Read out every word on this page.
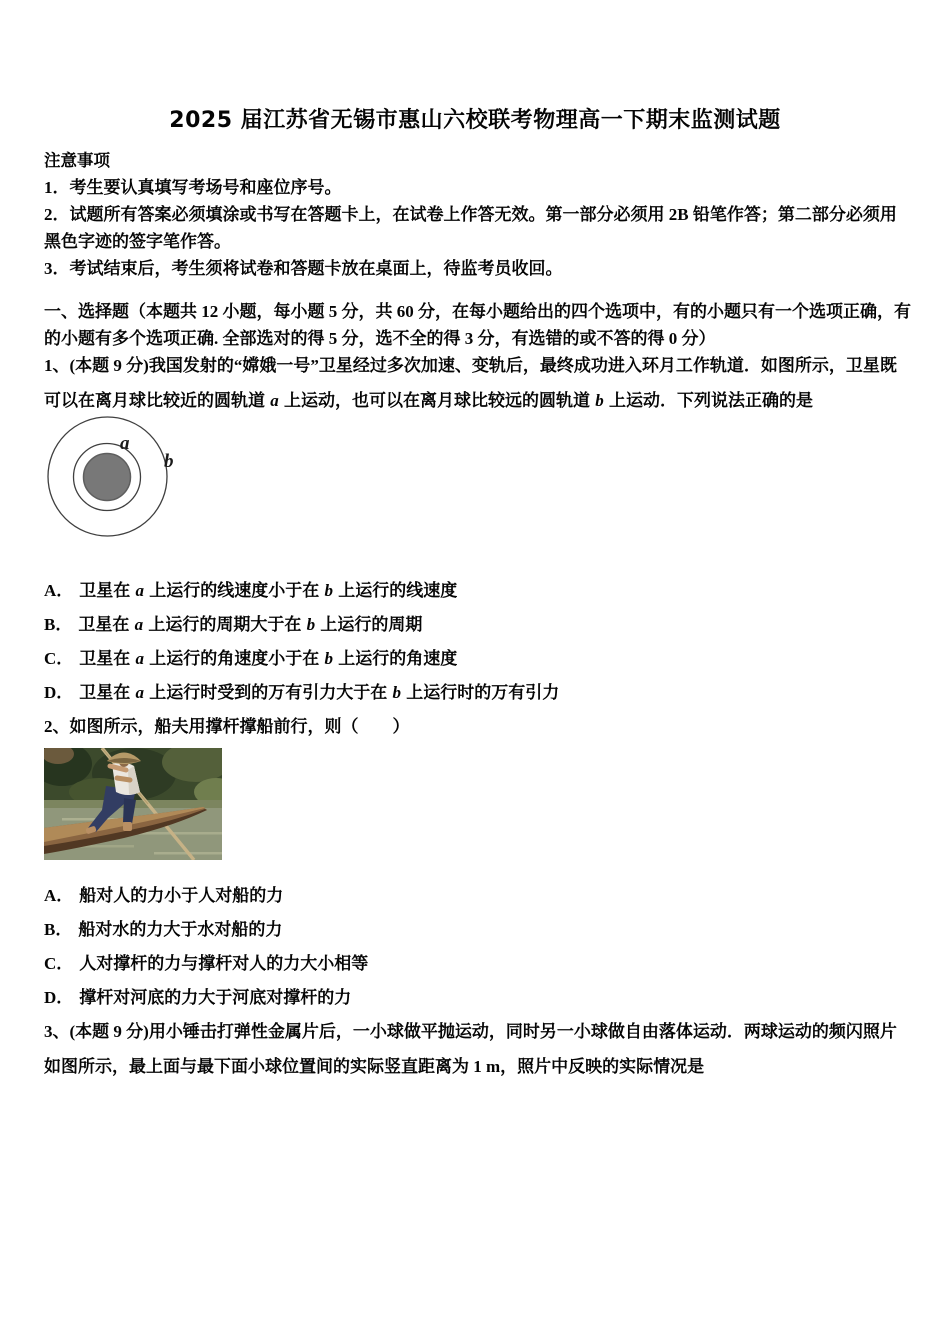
2025 届江苏省无锡市惠山六校联考物理高一下期末监测试题
注意事项

1．考生要认真填写考场号和座位序号。

2．试题所有答案必须填涂或书写在答题卡上，在试卷上作答无效。第一部分必须用 2B 铅笔作答；第二部分必须用黑色字迹的签字笔作答。

3．考试结束后，考生须将试卷和答题卡放在桌面上，待监考员收回。

一、选择题（本题共 12 小题，每小题 5 分，共 60 分，在每小题给出的四个选项中，有的小题只有一个选项正确，有的小题有多个选项正确. 全部选对的得 5 分，选不全的得 3 分，有选错的或不答的得 0 分）

1、(本题 9 分)我国发射的“嫦娥一号”卫星经过多次加速、变轨后，最终成功进入环月工作轨道．如图所示，卫星既可以在离月球比较近的圆轨道 a 上运动，也可以在离月球比较远的圆轨道 b 上运动．下列说法正确的是

a
b
A． 卫星在 a 上运行的线速度小于在 b 上运行的线速度
B． 卫星在 a 上运行的周期大于在 b 上运行的周期
C． 卫星在 a 上运行的角速度小于在 b 上运行的角速度
D． 卫星在 a 上运行时受到的万有引力大于在 b 上运行时的万有引力

2、如图所示，船夫用撑杆撑船前行，则（　　）

A． 船对人的力小于人对船的力
B． 船对水的力大于水对船的力
C． 人对撑杆的力与撑杆对人的力大小相等
D． 撑杆对河底的力大于河底对撑杆的力

3、(本题 9 分)用小锤击打弹性金属片后，一小球做平抛运动，同时另一小球做自由落体运动．两球运动的频闪照片如图所示，最上面与最下面小球位置间的实际竖直距离为 1 m，照片中反映的实际情况是
